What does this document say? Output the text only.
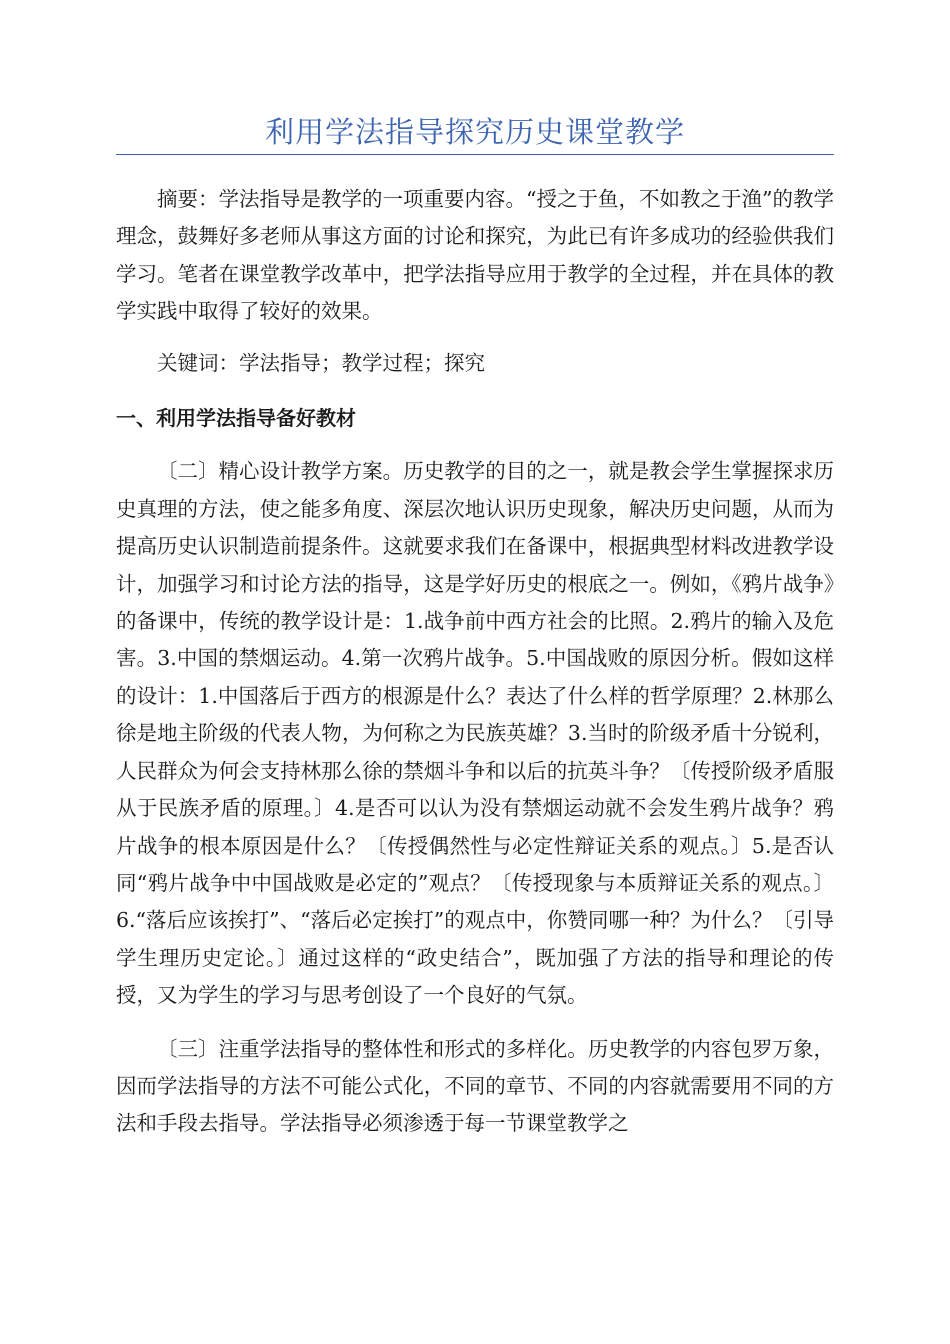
利用学法指导探究历史课堂教学

摘要：学法指导是教学的一项重要内容。“授之于鱼，不如教之于渔”的教学理念，鼓舞好多老师从事这方面的讨论和探究，为此已有许多成功的经验供我们学习。笔者在课堂教学改革中，把学法指导应用于教学的全过程，并在具体的教学实践中取得了较好的效果。

关键词：学法指导；教学过程；探究

一、利用学法指导备好教材

〔二〕精心设计教学方案。历史教学的目的之一，就是教会学生掌握探求历史真理的方法，使之能多角度、深层次地认识历史现象，解决历史问题，从而为提高历史认识制造前提条件。这就要求我们在备课中，根据典型材料改进教学设计，加强学习和讨论方法的指导，这是学好历史的根底之一。例如，《鸦片战争》的备课中，传统的教学设计是：1.战争前中西方社会的比照。2.鸦片的输入及危害。3.中国的禁烟运动。4.第一次鸦片战争。5.中国战败的原因分析。假如这样的设计：1.中国落后于西方的根源是什么？表达了什么样的哲学原理？2.林那么徐是地主阶级的代表人物，为何称之为民族英雄？3.当时的阶级矛盾十分锐利，人民群众为何会支持林那么徐的禁烟斗争和以后的抗英斗争？〔传授阶级矛盾服从于民族矛盾的原理。〕4.是否可以认为没有禁烟运动就不会发生鸦片战争？鸦片战争的根本原因是什么？〔传授偶然性与必定性辩证关系的观点。〕5.是否认同“鸦片战争中中国战败是必定的”观点？〔传授现象与本质辩证关系的观点。〕6.“落后应该挨打”、“落后必定挨打”的观点中，你赞同哪一种？为什么？〔引导学生理历史定论。〕通过这样的“政史结合”，既加强了方法的指导和理论的传授，又为学生的学习与思考创设了一个良好的气氛。

〔三〕注重学法指导的整体性和形式的多样化。历史教学的内容包罗万象，因而学法指导的方法不可能公式化，不同的章节、不同的内容就需要用不同的方法和手段去指导。学法指导必须渗透于每一节课堂教学之
